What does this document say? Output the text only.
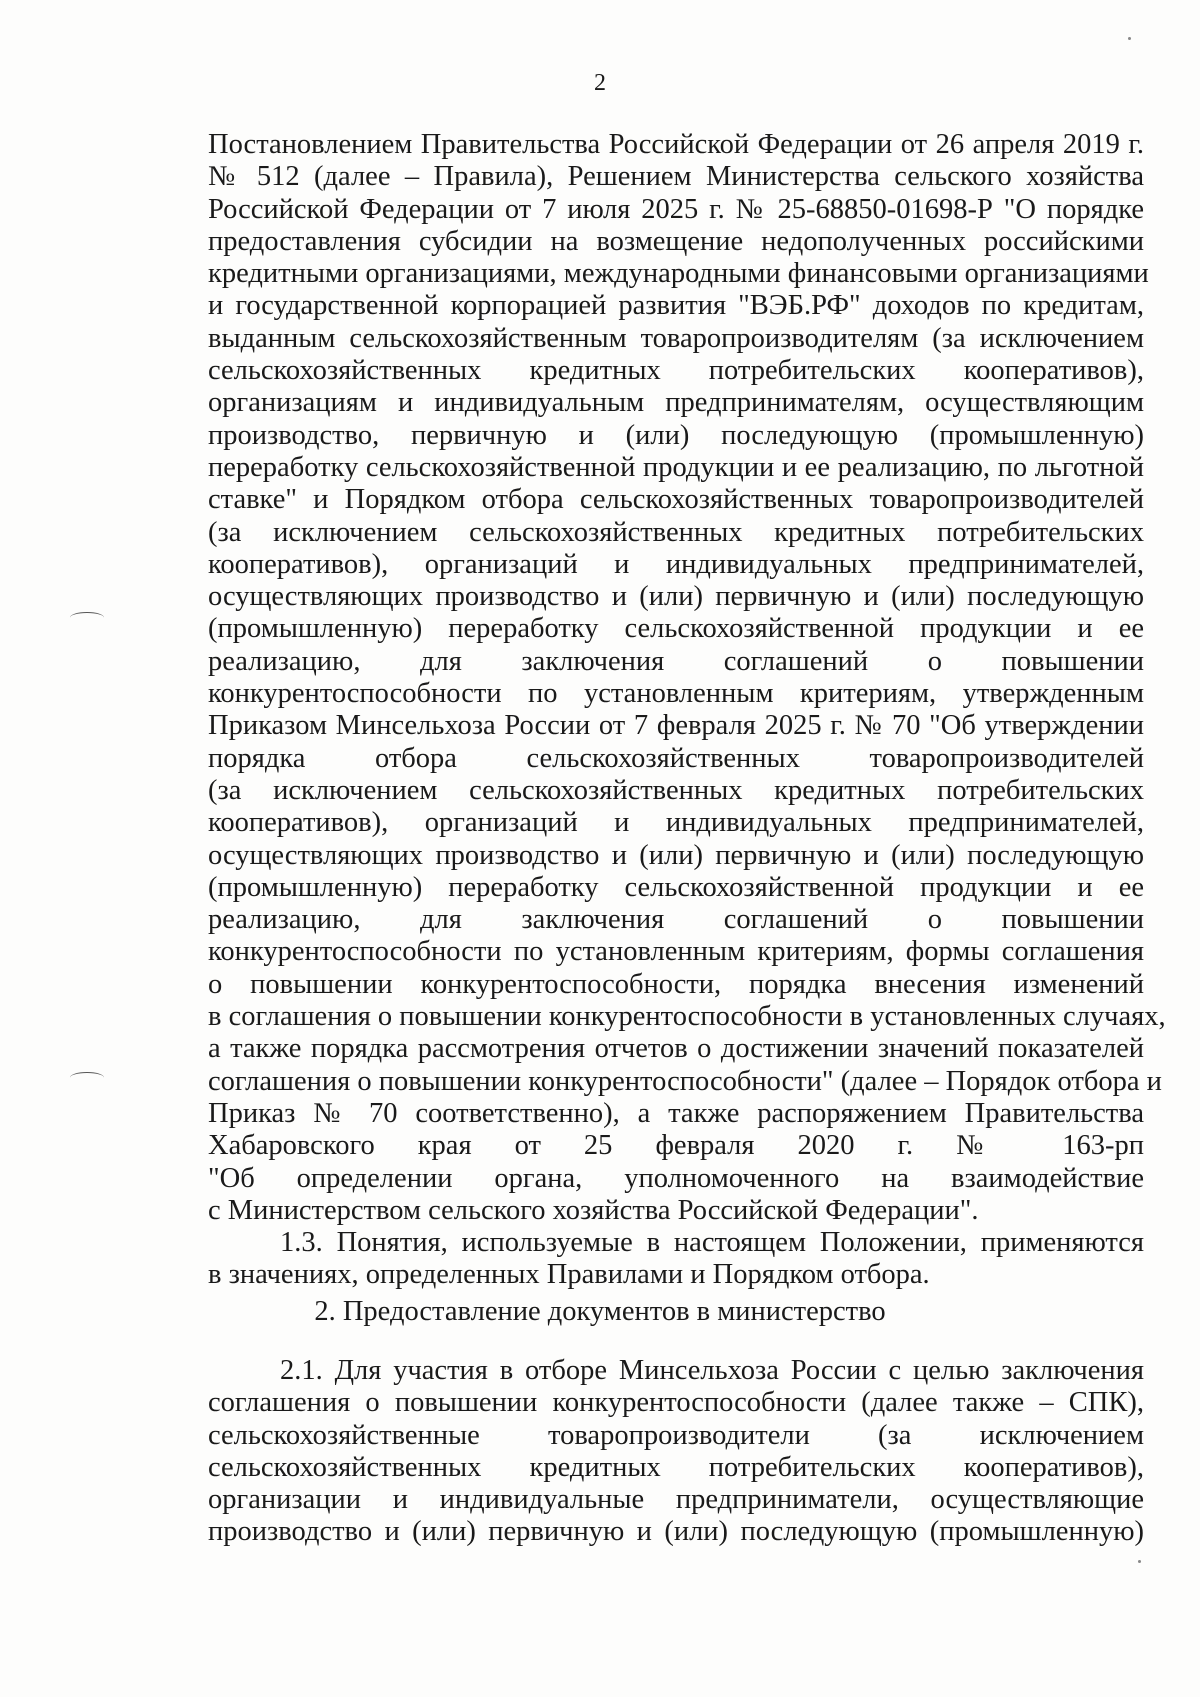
2
Постановлением Правительства Российской Федерации от 26 апреля 2019 г.
№ 512 (далее – Правила), Решением Министерства сельского хозяйства
Российской Федерации от 7 июля 2025 г. № 25-68850-01698-Р "О порядке
предоставления субсидии на возмещение недополученных российскими
кредитными организациями, международными финансовыми организациями
и государственной корпорацией развития "ВЭБ.РФ" доходов по кредитам,
выданным сельскохозяйственным товаропроизводителям (за исключением
сельскохозяйственных кредитных потребительских кооперативов),
организациям и индивидуальным предпринимателям, осуществляющим
производство, первичную и (или) последующую (промышленную)
переработку сельскохозяйственной продукции и ее реализацию, по льготной
ставке" и Порядком отбора сельскохозяйственных товаропроизводителей
(за исключением сельскохозяйственных кредитных потребительских
кооперативов), организаций и индивидуальных предпринимателей,
осуществляющих производство и (или) первичную и (или) последующую
(промышленную) переработку сельскохозяйственной продукции и ее
реализацию, для заключения соглашений о повышении
конкурентоспособности по установленным критериям, утвержденным
Приказом Минсельхоза России от 7 февраля 2025 г. № 70 "Об утверждении
порядка отбора сельскохозяйственных товаропроизводителей
(за исключением сельскохозяйственных кредитных потребительских
кооперативов), организаций и индивидуальных предпринимателей,
осуществляющих производство и (или) первичную и (или) последующую
(промышленную) переработку сельскохозяйственной продукции и ее
реализацию, для заключения соглашений о повышении
конкурентоспособности по установленным критериям, формы соглашения
о повышении конкурентоспособности, порядка внесения изменений
в соглашения о повышении конкурентоспособности в установленных случаях,
а также порядка рассмотрения отчетов о достижении значений показателей
соглашения о повышении конкурентоспособности" (далее – Порядок отбора и
Приказ № 70 соответственно), а также распоряжением Правительства
Хабаровского края от 25 февраля 2020 г. № 163-рп
"Об определении органа, уполномоченного на взаимодействие
с Министерством сельского хозяйства Российской Федерации".
1.3. Понятия, используемые в настоящем Положении, применяются
в значениях, определенных Правилами и Порядком отбора.
2. Предоставление документов в министерство
2.1. Для участия в отборе Минсельхоза России с целью заключения
соглашения о повышении конкурентоспособности (далее также – СПК),
сельскохозяйственные товаропроизводители (за исключением
сельскохозяйственных кредитных потребительских кооперативов),
организации и индивидуальные предприниматели, осуществляющие
производство и (или) первичную и (или) последующую (промышленную)
